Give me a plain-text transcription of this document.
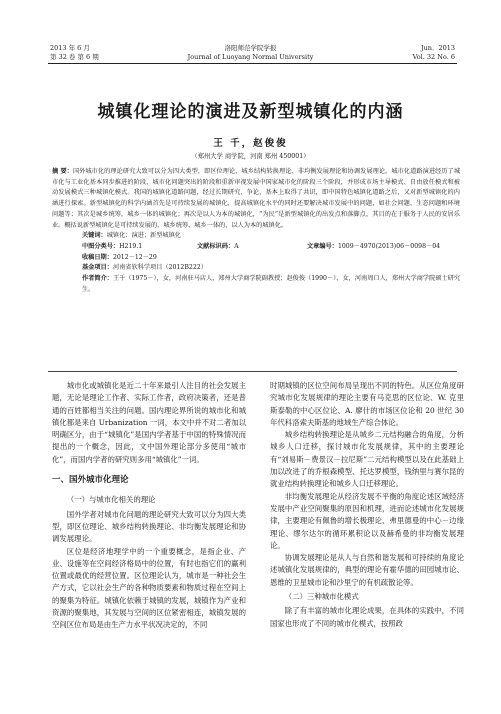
2013 年 6 月
第 32 卷 第 6 期
洛阳师范学院学报
Journal of Luoyang Normal University
Jun．2013
Vol. 32 No. 6
城镇化理论的演进及新型城镇化的内涵
王 千，赵俊俊
（郑州大学 商学院，河南 郑州 450001）

摘 要：国外城市化的理论研究大致可以分为四大类型，即区位理论、城乡结构转换理论、非均衡发展理论和协调发展理论。城市化道路演进经历了城市化与工业化基本同步推进的阶段、城市化问题突出的阶段和重新审视发展中国家城市化的阶段三个阶段，并形成市场主导模式、自由放任模式和被动发展模式三种城镇化模式。我国的城镇化道路问题，经过长期研究、争论，基本上取得了共识，即中国特色城镇化道路之后，又对新型城镇化的内涵进行探索。新型城镇化的科学内涵首先是可持续发展的城镇化，提高城镇化水平的同时还要解决城市发展中的问题，如社会问题、生态问题和环境问题等；其次是城乡统筹，城乡一体的城镇化；再次是以人为本的城镇化，“为民”是新型城镇化的出发点和落脚点，其目的在于服务于人民的安居乐业。概括说新型城镇化是可持续发展的，城乡统筹、城乡一体的，以人为本的城镇化。

关键词：城镇化；演进；新型城镇化

中图分类号：H219.1	文献标识码：A	文章编号：1009－4970(2013)06－0098－04

收稿日期：2012－12－29

基金项目：河南省软科学项目（2012B222）

作者简介：王千（1975－），女，河南驻马店人，郑州大学商学院副教授；赵俊俊（1990－），女，河南周口人，郑州大学商学院硕士研究生。

城市化或城镇化是近二十年来最引人注目的社会发展主题，无论是理论工作者、实际工作者，政府决策者，还是普通的百姓都相当关注的问题。国内理论界所说的城市化和城镇化都是来自 Urbanization 一词，本文中并不对二者加以明确区分，由于“城镇化”是国内学者基于中国的特殊情况而提出的一个概念，因此，文中国外理论部分多使用“城市化”，而国内学者的研究则多用“城镇化”一词。

一、国外城市化理论
（一）与城市化相关的理论

国外学者对城市化问题的理论研究大致可以分为四大类型，即区位理论、城乡结构转换理论、非均衡发展理论和协调发展理论。

区位是经济地理学中的一个重要概念，是指企业、产业、设施等在空间经济格局中的位置，有时也指它们的赢利位置或最优的经营位置。区位理论认为，城市是一种社会生产方式，它以社会生产的各种物质要素和物质过程在空间上的聚集为特征。城镇化依赖于城镇的发展，城镇作为产业和资源的聚集地，其发展与空间的区位紧密相连，城镇发展的空间区位布局是由生产力水平状况决定的，不同

时期城镇的区位空间布局呈现出不同的特色。从区位角度研究城市化发展规律的理论主要有马克思的区位论、W. 克里斯泰勒的中心区位论、A. 廖什的市场区位论和 20 世纪 30 年代科洛索夫斯基的地域生产综合体论。

城乡结构转换理论是从城乡二元结构融合的角度，分析城乡人口迁移，探讨城市化发展规律，其中的主要理论有“刘易斯－费景汉－拉尼斯”二元结构模型以及在此基础上加以改进了的乔根森模型、托达罗模型，钱纳里与赛尔昆的就业结构转换理论和城乡人口迁移理论。

非均衡发展理论从经济发展不平衡的角度论述区域经济发展中产业空间聚集的原因和机理，进而论述城市化发展规律，主要理论有佩鲁的增长极理论、弗里德曼的中心－边缘理论、缪尔达尔的循环累积论以及赫希曼的非均衡发展理论。

协调发展理论是从人与自然和谐发展和可持续的角度论述城镇化发展规律的，典型的理论有霍华德的田园城市论、恩维的卫星城市论和沙里宁的有机疏散论等。

（二）三种城市化模式

除了有丰富的城市化理论成果，在具体的实践中，不同国家也形成了不同的城市化模式，按照政
